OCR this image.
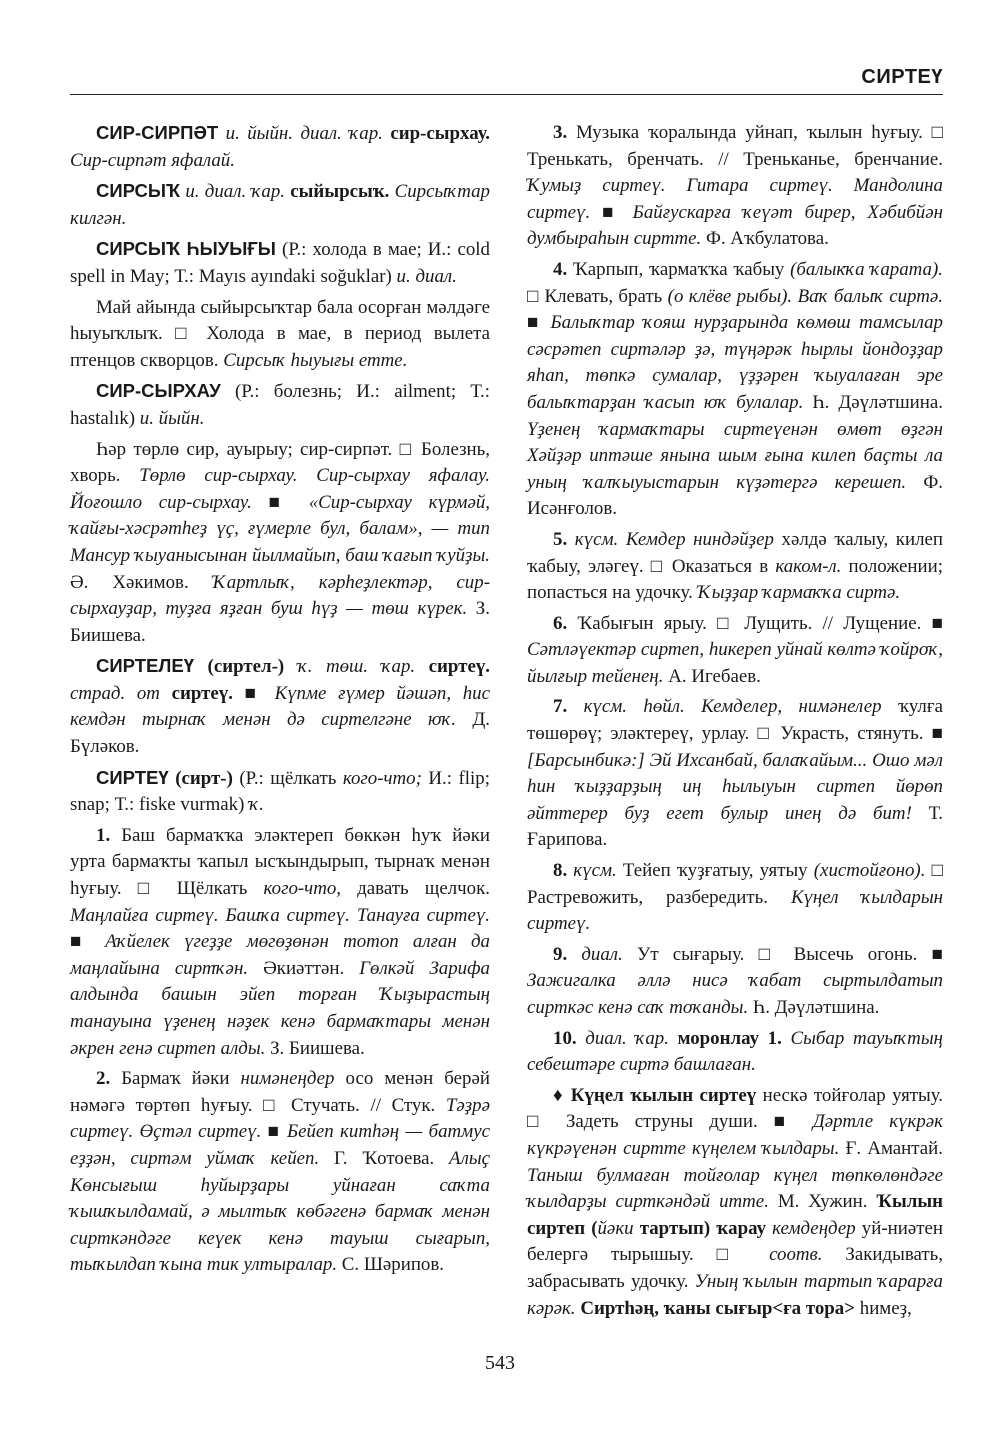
СИРТЕҮ

СИР-СИРПӘТ и. йыйн. диал. ҡар. сир-сырхау. Сир-сирпәт яфалай.

СИРСЫҠ и. диал. ҡар. сыйырсыҡ. Сирсыҡтар килгән.

СИРСЫҠ ҺЫУЫҒЫ (Р.: холода в мае; И.: cold spell in May; Т.: Mayıs ayındaki soğuklar) и. диал.

Май айында сыйырсыҡтар бала осорған мәлдәге һыуыҡлыҡ. □ Холода в мае, в период вылета птенцов скворцов. Сирсыҡ һыуығы етте.

СИР-СЫРХАУ (Р.: болезнь; И.: ailment; Т.: hastalık) и. йыйн.

Һәр төрлө сир, ауырыу; сир-сирпәт. □ Болезнь, хворь. Төрлө сир-сырхау. Сир-сырхау яфалау. Йоғошло сир-сырхау. ■ «Сир-сырхау күрмәй, ҡайғы-хәсрәтһеҙ үҫ, ғүмерле бул, балам», — тип Мансур ҡыуанысынан йылмайып, баш ҡағып ҡуйҙы. Ә. Хәкимов. Ҡартлыҡ, кәрһеҙлектәр, сир-сырхауҙар, туҙға яҙған буш һүҙ — төш күрек. З. Биишева.

СИРТЕЛЕҮ (сиртел-) ҡ. төш. ҡар. сиртеү. страд. от сиртеү. ■ Күпме ғүмер йәшәп, һис кемдән тырнаҡ менән дә сиртелгәне юҡ. Д. Бүләков.

СИРТЕҮ (сирт-) (Р.: щёлкать кого-что; И.: flip; snap; Т.: fiske vurmak) ҡ.

1. Баш бармаҡҡа эләктереп бөккән һуҡ йәки урта бармаҡты ҡапыл ысҡындырып, тырнаҡ менән һуғыу. □ Щёлкать кого-что, давать щелчок. Маңлайға сиртеү. Башҡа сиртеү. Танауға сиртеү. ■ Аҡйелек үгеҙҙе мөгөҙөнән тотоп алған да маңлайына сиртҡән. Әкиәттән. Гөлкәй Зарифа алдында башын эйеп торған Ҡыҙырастың танауына үҙенең нәҙек кенә бармаҡтары менән әкрен генә сиртеп алды. З. Биишева.

2. Бармаҡ йәки нимәнеңдер осо менән берәй нәмәгә төртөп һуғыу. □ Стучать. // Стук. Тәҙрә сиртеү. Өҫтәл сиртеү. ■ Бейеп китһәң — батмус еҙҙән, сиртәм уймаҡ кейеп. Г. Ҡотоева. Алыҫ Көнсығыш һуйырҙары уйнаған саҡта ҡышҡылдамай, ә мылтыҡ көбәгенә бармаҡ менән сирткәндәге кеүек кенә тауыш сығарып, тыҡылдап ҡына тик ултыралар. С. Шәрипов.

3. Музыка ҡоралында уйнап, ҡылын һуғыу. □ Тренькать, бренчать. // Треньканье, бренчание. Ҡумыҙ сиртеү. Гитара сиртеү. Мандолина сиртеү. ■ Байғускарға ҡеүәт бирер, Хәбибйән думбыраһын сиртте. Ф. Аҡбулатова.

4. Ҡарпып, ҡармаҡҡа ҡабыу (балыкҡа ҡарата). □ Клевать, брать (о клёве рыбы). Ваҡ балыҡ сиртә. ■ Балыҡтар ҡояш нурҙарында көмөш тамсылар сәсрәтеп сиртәләр ҙә, түңәрәк һырлы йондоҙҙар яһап, төпкә сумалар, үҙҙәрен ҡыуалаған эре балыҡтарҙан ҡасып юҡ булалар. Һ. Дәүләтшина. Үҙенең ҡармаҡтары сиртеүенән өмөт өҙгән Хәйҙәр иптәше янына шым ғына килеп баҫты ла уның ҡалҡыуыстарын күҙәтергә керешеп. Ф. Исәнғолов.

5. күсм. Кемдер ниндәйҙер хәлдә ҡалыу, килеп ҡабыу, эләгеү. □ Оказаться в каком-л. положении; попасться на удочку. Ҡыҙҙар ҡармаҡҡа сиртә.

6. Ҡабығын ярыу. □ Лущить. // Лущение. ■ Сәтләүектәр сиртеп, һикереп уйнай көлтә ҡойроҡ, йылғыр тейенең. А. Игебаев.

7. күсм. һөйл. Кемделер, нимәнелер ҡулға төшөрөү; эләктереү, урлау. □ Украсть, стянуть. ■ [Барсынбикә:] Эй Ихсанбай, балаҡайым... Ошо мәл һин ҡыҙҙарҙың иң һылыуын сиртеп йөрөп әйттерер буҙ егет булыр инең дә бит! Т. Ғарипова.

8. күсм. Тейеп ҡуҙғатыу, уятыу (хистойғоно). □ Растревожить, разбередить. Күңел ҡылдарын сиртеү.

9. диал. Ут сығарыу. □ Высечь огонь. ■ Зажигалка әллә нисә ҡабат сыртылдатып сирткәс кенә саҡ тоҡанды. Һ. Дәүләтшина.

10. диал. ҡар. моронлау 1. Сыбар тауыҡтың себештәре сиртә башлаған.

♦ Күңел ҡылын сиртеү нескә тойғолар уятыу. □ Задеть струны души. ■ Дәртле күкрәк күкрәүенән сиртте күңелем ҡылдары. Ғ. Амантай. Таныш булмаған тойғолар күңел төпкөлөндәге ҡылдарҙы сирткәндәй итте. М. Хужин. Ҡылын сиртеп (йәки тартып) ҡарау кемдеңдер уй-ниәтен белергә тырышыу. □ соотв. Закидывать, забрасывать удочку. Уның ҡылын тартып ҡарарға кәрәк. Сиртһәң, ҡаны сығыр<ға тора> һимеҙ,

543
